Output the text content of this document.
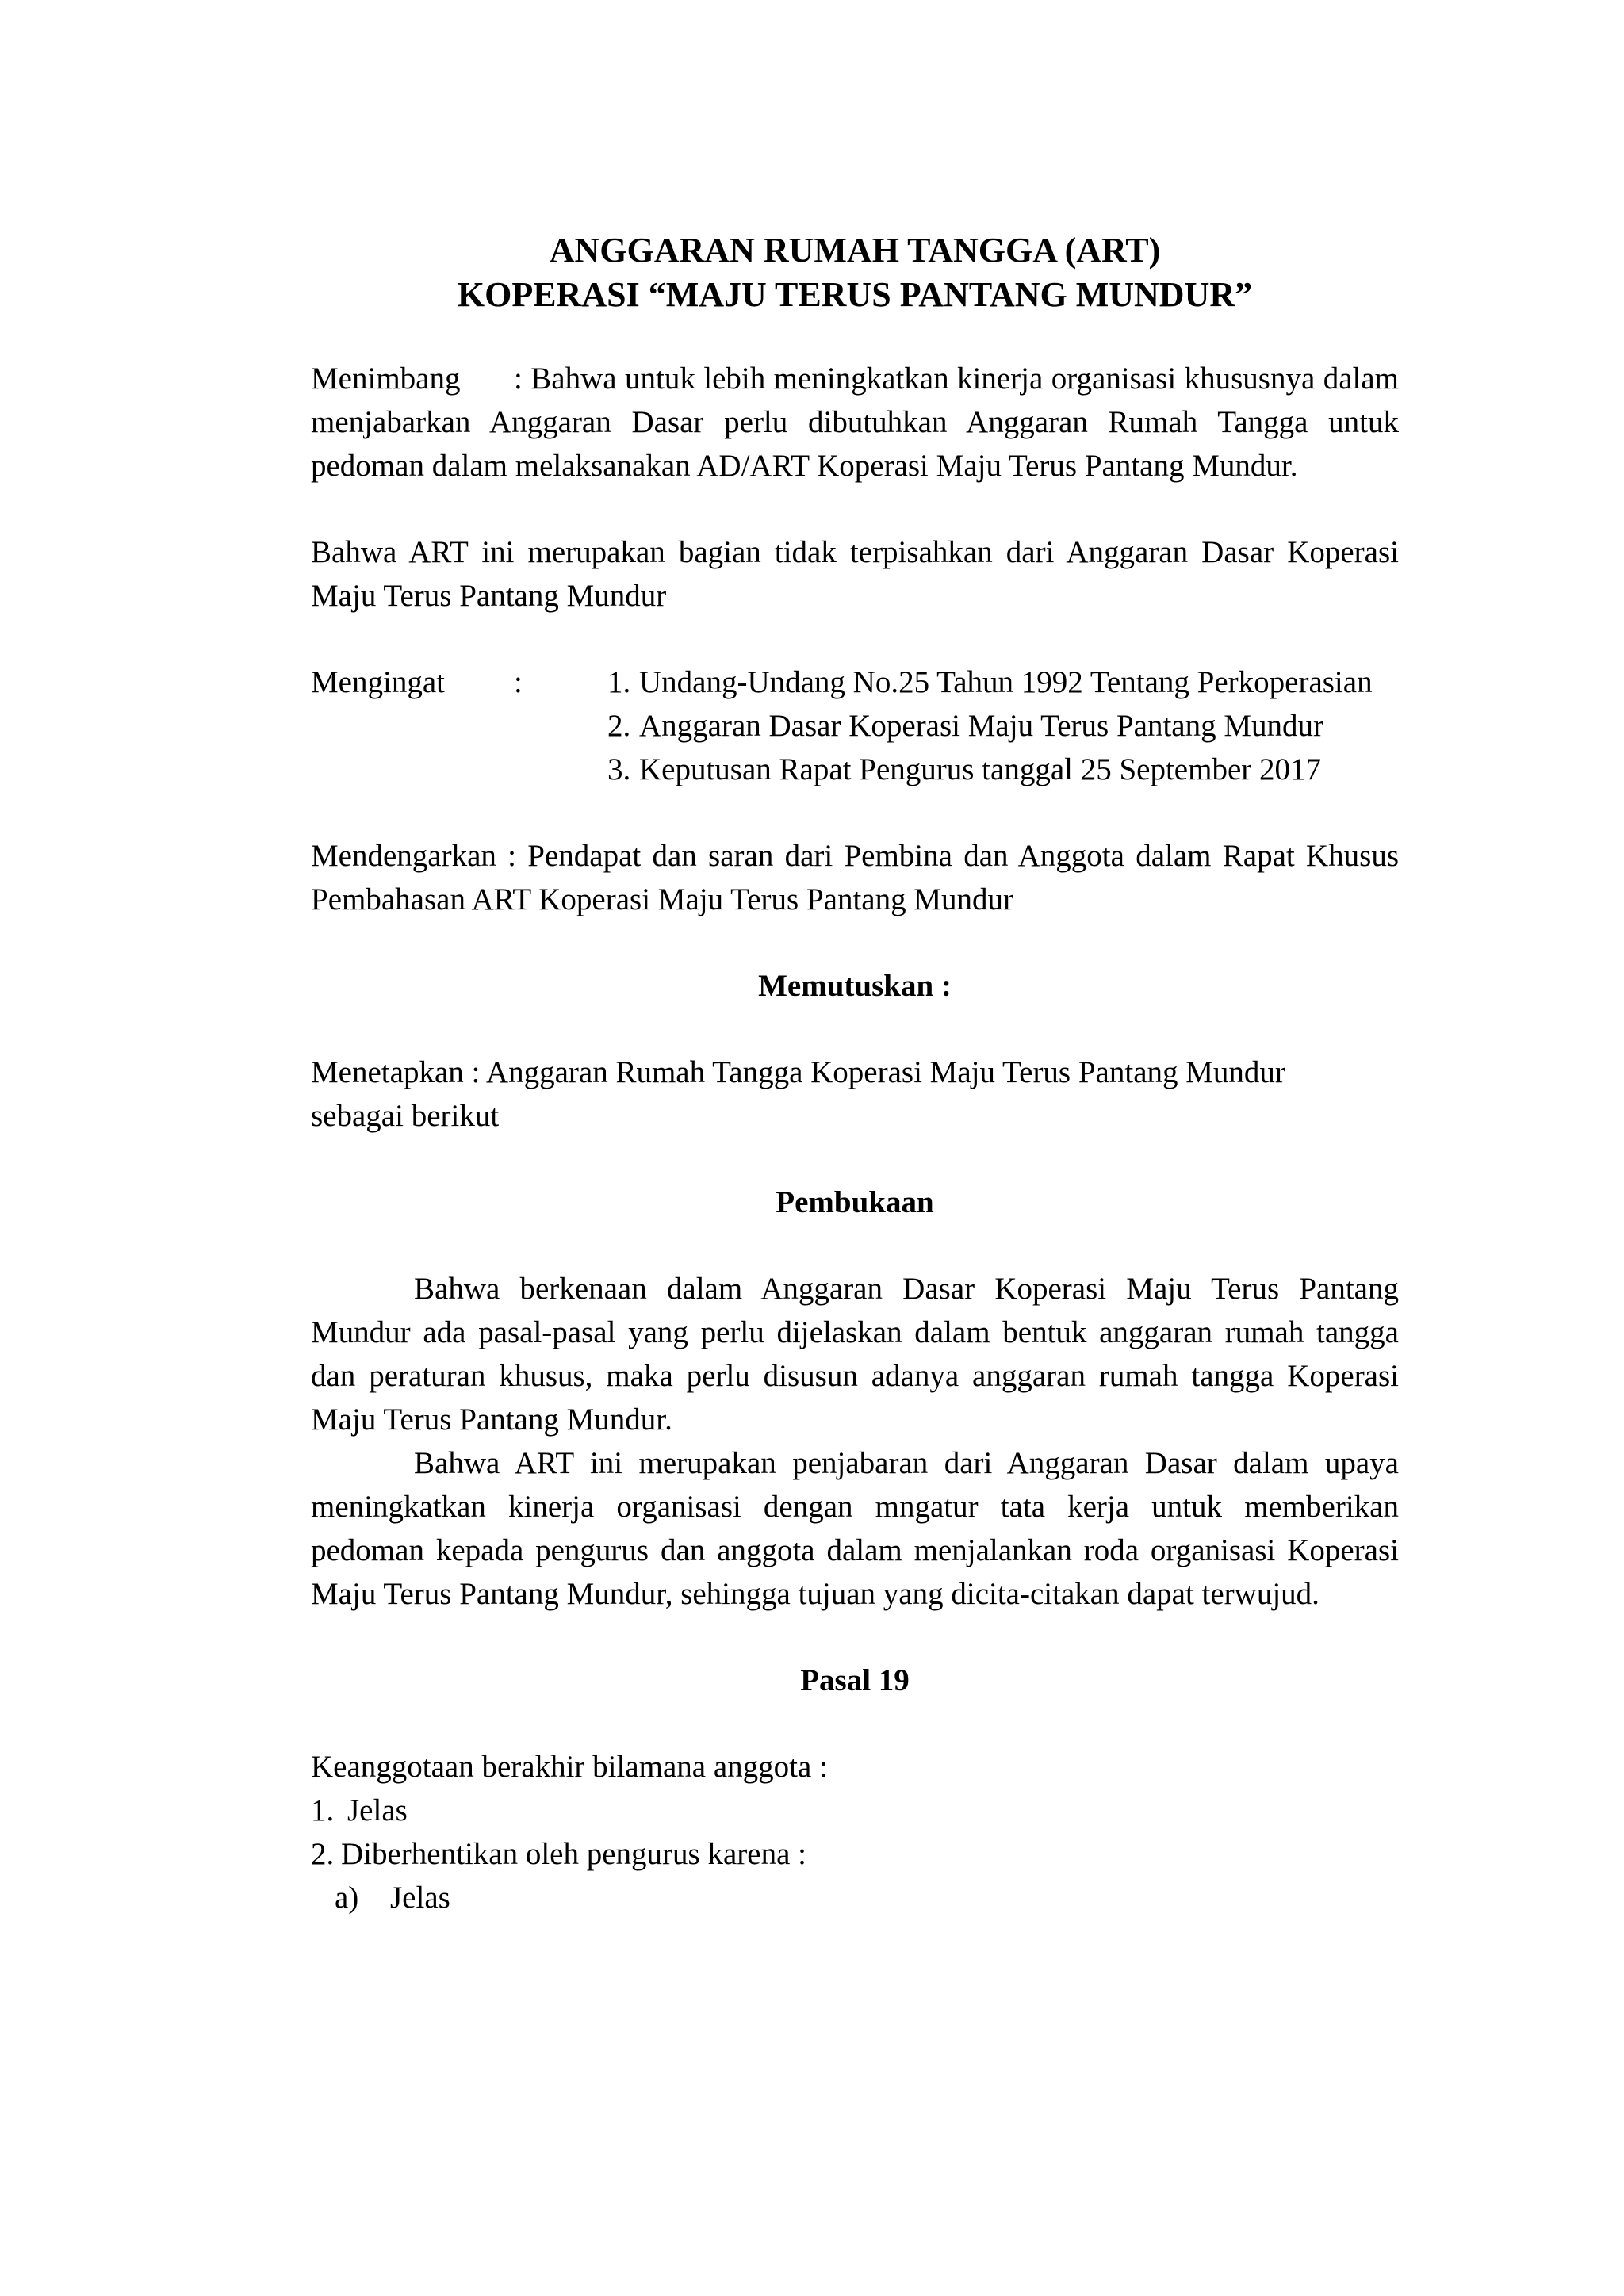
ANGGARAN RUMAH TANGGA (ART)
KOPERASI “MAJU TERUS PANTANG MUNDUR”

Menimbang : Bahwa untuk lebih meningkatkan kinerja organisasi khususnya dalam menjabarkan Anggaran Dasar perlu dibutuhkan Anggaran Rumah Tangga untuk pedoman dalam melaksanakan AD/ART Koperasi Maju Terus Pantang Mundur.

Bahwa ART ini merupakan bagian tidak terpisahkan dari Anggaran Dasar Koperasi Maju Terus Pantang Mundur

Mengingat	:	1. Undang-Undang No.25 Tahun 1992 Tentang Perkoperasian
2. Anggaran Dasar Koperasi Maju Terus Pantang Mundur
3. Keputusan Rapat Pengurus tanggal 25 September 2017

Mendengarkan : Pendapat dan saran dari Pembina dan Anggota dalam Rapat Khusus Pembahasan ART Koperasi Maju Terus Pantang Mundur

Memutuskan :
Menetapkan : Anggaran Rumah Tangga Koperasi Maju Terus Pantang Mundur
sebagai berikut
Pembukaan

Bahwa berkenaan dalam Anggaran Dasar Koperasi Maju Terus Pantang Mundur ada pasal-pasal yang perlu dijelaskan dalam bentuk anggaran rumah tangga dan peraturan khusus, maka perlu disusun adanya anggaran rumah tangga Koperasi Maju Terus Pantang Mundur.

Bahwa ART ini merupakan penjabaran dari Anggaran Dasar dalam upaya meningkatkan kinerja organisasi dengan mngatur tata kerja untuk memberikan pedoman kepada pengurus dan anggota dalam menjalankan roda organisasi Koperasi Maju Terus Pantang Mundur, sehingga tujuan yang dicita-citakan dapat terwujud.

Pasal 19
Keanggotaan berakhir bilamana anggota :
1. Jelas
2. Diberhentikan oleh pengurus karena :
a)	Jelas
